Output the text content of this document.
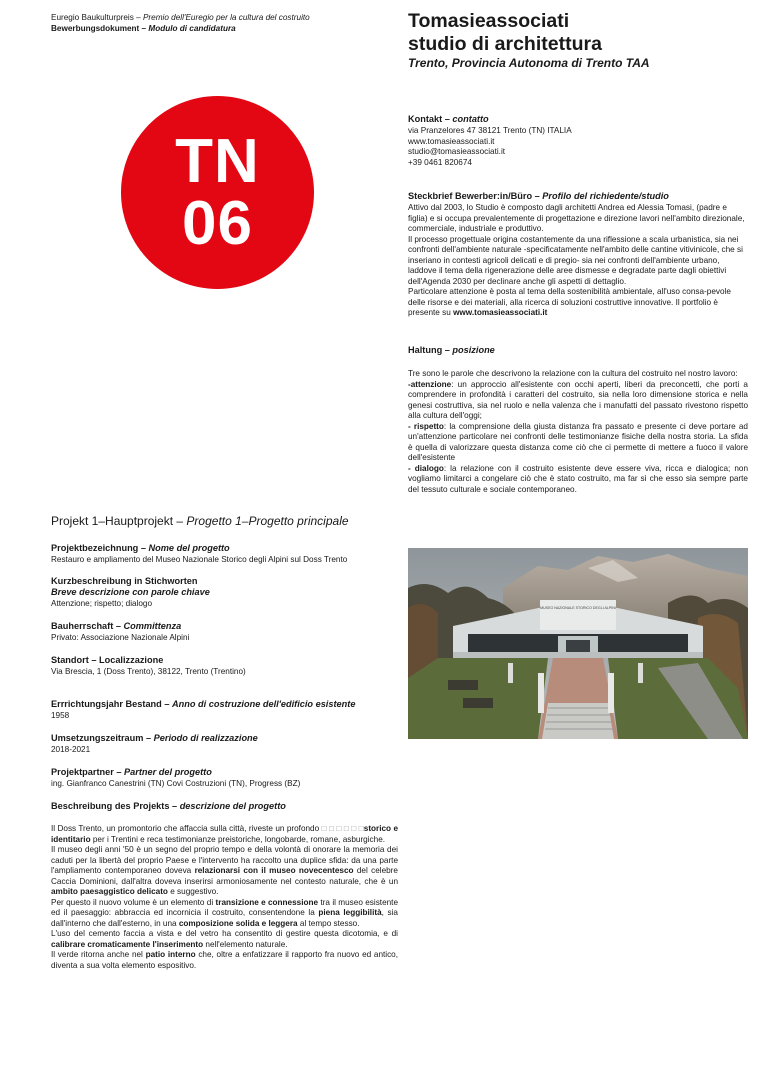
Euregio Baukulturpreis – Premio dell'Euregio per la cultura del costruito
Bewerbungsdokument – Modulo di candidatura	Tomasieassociati
studio di architettura
Trento, Provincia Autonoma di Trento TAA
TN
06
Kontakt – contatto
via Pranzelores 47 38121 Trento (TN) ITALIA
www.tomasieassociati.it
studio@tomasieassociati.it
+39 0461 820674
Steckbrief Bewerber:in/Büro – Profilo del richiedente/studio

Attivo dal 2003, lo Studio è composto dagli architetti Andrea ed Alessia Tomasi, (padre e figlia) e si occupa prevalentemente di progettazione e direzione lavori nell'ambito direzionale, commerciale, industriale e produttivo.

Il processo progettuale origina costantemente da una riflessione a scala urbanistica, sia nei confronti dell'ambiente naturale -specificatamente nell'ambito delle cantine vitivinicole, che si inseriano in contesti agricoli delicati e di pregio- sia nei confronti dell'ambiente urbano, laddove il tema della rigenerazione delle aree dismesse e degradate parte dagli obiettivi dell'Agenda 2030 per declinare anche gli aspetti di dettaglio.

Particolare attenzione è posta al tema della sostenibilità ambientale, all'uso consa-pevole delle risorse e dei materiali, alla ricerca di soluzioni costruttive innovative. Il portfolio è presente su www.tomasieassociati.it

Haltung – posizione

Tre sono le parole che descrivono la relazione con la cultura del costruito nel nostro lavoro:

-attenzione: un approccio all'esistente con occhi aperti, liberi da preconcetti, che porti a comprendere in profondità i caratteri del costruito, sia nella loro dimensione storica e nella genesi costruttiva, sia nel ruolo e nella valenza che i manufatti del passato rivestono rispetto alla cultura dell'oggi;

- rispetto: la comprensione della giusta distanza fra passato e presente ci deve portare ad un'attenzione particolare nei confronti delle testimonianze fisiche della nostra storia. La sfida è quella di valorizzare questa distanza come ciò che ci permette di mettere a fuoco il valore dell'esistente

- dialogo: la relazione con il costruito esistente deve essere viva, ricca e dialogica; non vogliamo limitarci a congelare ciò che è stato costruito, ma far sì che esso sia sempre parte del tessuto culturale e sociale contemporaneo.

Projekt 1–Hauptprojekt – Progetto 1–Progetto principale
Projektbezeichnung – Nome del progetto
Restauro e ampliamento del Museo Nazionale Storico degli Alpini sul Doss Trento
Kurzbeschreibung in Stichworten
Breve descrizione con parole chiave
Attenzione; rispetto; dialogo
Bauherrschaft – Committenza
Privato: Associazione Nazionale Alpini
Standort – Localizzazione
Via Brescia, 1 (Doss Trento), 38122, Trento (Trentino)
Errrichtungsjahr Bestand – Anno di costruzione dell'edificio esistente
1958
Umsetzungszeitraum – Periodo di realizzazione
2018-2021
Projektpartner – Partner del progetto
ing. Gianfranco Canestrini (TN) Covi Costruzioni (TN), Progress (BZ)
Beschreibung des Projekts – descrizione del progetto

Il Doss Trento, un promontorio che affaccia sulla città, riveste un profondo □ □ □ □ □ □storico e identitario per i Trentini e reca testimonianze preistoriche, longobarde, romane, asburgiche.

Il museo degli anni '50 è un segno del proprio tempo e della volontà di onorare la memoria dei caduti per la libertà del proprio Paese e l'intervento ha raccolto una duplice sfida: da una parte l'ampliamento contemporaneo doveva relazionarsi con il museo novecentesco del celebre Caccia Dominioni, dall'altra doveva inserirsi armoniosamente nel contesto naturale, che è un ambito paesaggistico delicato e suggestivo.

Per questo il nuovo volume è un elemento di transizione e connessione tra il museo esistente ed il paesaggio: abbraccia ed incornicia il costruito, consentendone la piena leggibilità, sia dall'interno che dall'esterno, in una composizione solida e leggera al tempo stesso.

L'uso del cemento faccia a vista e del vetro ha consentito di gestire questa dicotomia, e di calibrare cromaticamente l'inserimento nell'elemento naturale.

Il verde ritorna anche nel patio interno che, oltre a enfatizzare il rapporto fra nuovo ed antico, diventa a sua volta elemento espositivo.

MUSEO NAZIONALE STORICO DEGLI ALPINI
